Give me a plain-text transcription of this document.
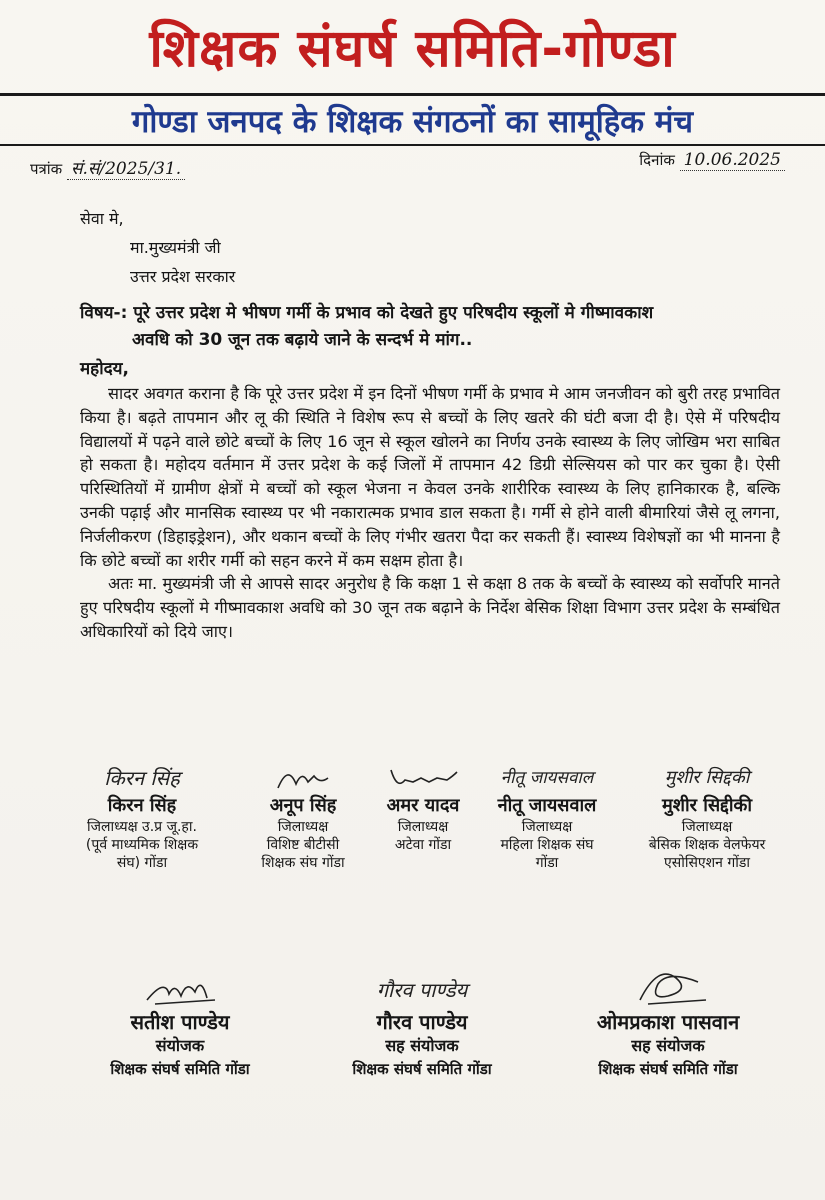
शिक्षक संघर्ष समिति-गोण्डा
गोण्डा जनपद के शिक्षक संगठनों का सामूहिक मंच
पत्रांक सं.सं/2025/31.	दिनांक 10.06.2025
सेवा मे,
मा.मुख्यमंत्री जी
उत्तर प्रदेश सरकार
विषय-: पूरे उत्तर प्रदेश मे भीषण गर्मी के प्रभाव को देखते हुए परिषदीय स्कूलों मे गीष्मावकाश
अवधि को 30 जून तक बढ़ाये जाने के सन्दर्भ मे मांग..
महोदय,

सादर अवगत कराना है कि पूरे उत्तर प्रदेश में इन दिनों भीषण गर्मी के प्रभाव मे आम जनजीवन को बुरी तरह प्रभावित किया है। बढ़ते तापमान और लू की स्थिति ने विशेष रूप से बच्चों के लिए खतरे की घंटी बजा दी है। ऐसे में परिषदीय विद्यालयों में पढ़ने वाले छोटे बच्चों के लिए 16 जून से स्कूल खोलने का निर्णय उनके स्वास्थ्य के लिए जोखिम भरा साबित हो सकता है। महोदय वर्तमान में उत्तर प्रदेश के कई जिलों में तापमान 42 डिग्री सेल्सियस को पार कर चुका है। ऐसी परिस्थितियों में ग्रामीण क्षेत्रों मे बच्चों को स्कूल भेजना न केवल उनके शारीरिक स्वास्थ्य के लिए हानिकारक है, बल्कि उनकी पढ़ाई और मानसिक स्वास्थ्य पर भी नकारात्मक प्रभाव डाल सकता है। गर्मी से होने वाली बीमारियां जैसे लू लगना, निर्जलीकरण (डिहाइड्रेशन), और थकान बच्चों के लिए गंभीर खतरा पैदा कर सकती हैं। स्वास्थ्य विशेषज्ञों का भी मानना है कि छोटे बच्चों का शरीर गर्मी को सहन करने में कम सक्षम होता है।

अतः मा. मुख्यमंत्री जी से आपसे सादर अनुरोध है कि कक्षा 1 से कक्षा 8 तक के बच्चों के स्वास्थ्य को सर्वोपरि मानते हुए परिषदीय स्कूलों मे गीष्मावकाश अवधि को 30 जून तक बढ़ाने के निर्देश बेसिक शिक्षा विभाग उत्तर प्रदेश के सम्बंधित अधिकारियों को दिये जाए।

किरन सिंह
किरन सिंह
जिलाध्यक्ष उ.प्र जू.हा.
(पूर्व माध्यमिक शिक्षक
संघ) गोंडा
अनूप सिंह
जिलाध्यक्ष
विशिष्ट बीटीसी
शिक्षक संघ गोंडा
अमर यादव
जिलाध्यक्ष
अटेवा गोंडा
नीतू जायसवाल
नीतू जायसवाल
जिलाध्यक्ष
महिला शिक्षक संघ
गोंडा
मुशीर सिद्दकी
मुशीर सिद्दीकी
जिलाध्यक्ष
बेसिक शिक्षक वेलफेयर
एसोसिएशन गोंडा
सतीश पाण्डेय
संयोजक
शिक्षक संघर्ष समिति गोंडा
गौरव पाण्डेय
गौरव पाण्डेय
सह संयोजक
शिक्षक संघर्ष समिति गोंडा
ओमप्रकाश पासवान
सह संयोजक
शिक्षक संघर्ष समिति गोंडा
